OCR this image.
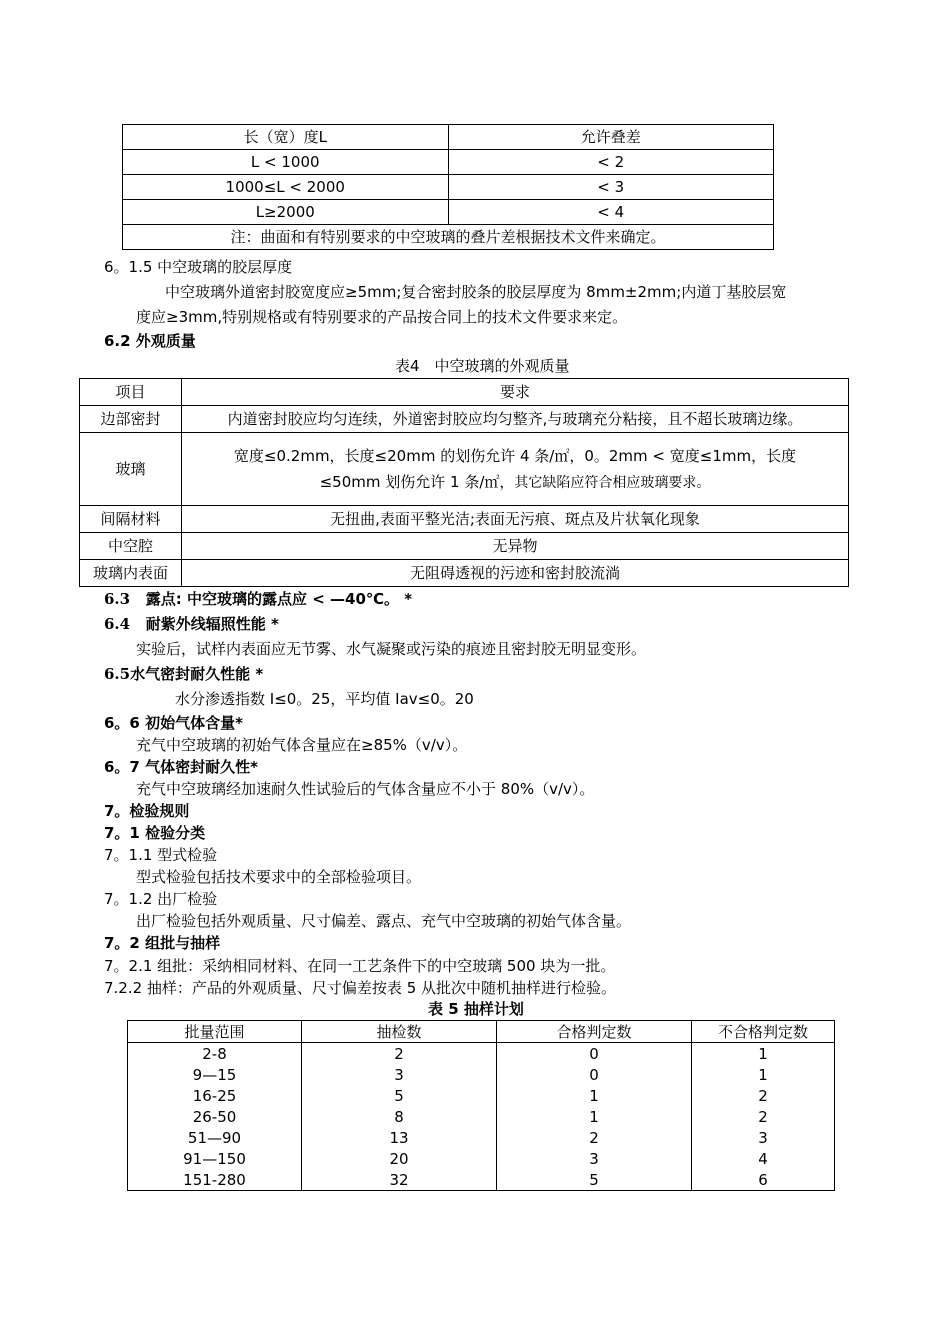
长（宽）度L	允许叠差
L < 1000	< 2
1000≤L < 2000	< 3
L≥2000	< 4
注：曲面和有特别要求的中空玻璃的叠片差根据技术文件来确定。	
6。1.5 中空玻璃的胶层厚度
中空玻璃外道密封胶宽度应≥5mm;复合密封胶条的胶层厚度为 8mm±2mm;内道丁基胶层宽
度应≥3mm,特别规格或有特别要求的产品按合同上的技术文件要求来定。
6.2 外观质量
表4　中空玻璃的外观质量
项目	要求
边部密封	内道密封胶应均匀连续，外道密封胶应均匀整齐,与玻璃充分粘接，且不超长玻璃边缘。
玻璃	宽度≤0.2mm，长度≤20mm 的划伤允许 4 条/㎡，0。2mm < 宽度≤1mm，长度
≤50mm 划伤允许 1 条/㎡，其它缺陷应符合相应玻璃要求。
间隔材料	无扭曲,表面平整光洁;表面无污痕、斑点及片状氧化现象
中空腔	无异物
玻璃内表面	无阻碍透视的污迹和密封胶流淌
6.3 露点: 中空玻璃的露点应 < —40℃。 *
6.4 耐紫外线辐照性能 *
实验后，试样内表面应无节雾、水气凝聚或污染的痕迹且密封胶无明显变形。
6.5水气密封耐久性能 *
水分渗透指数 I≤0。25，平均值 Iav≤0。20
6。6 初始气体含量*
充气中空玻璃的初始气体含量应在≥85%（v/v）。
6。7 气体密封耐久性*
充气中空玻璃经加速耐久性试验后的气体含量应不小于 80%（v/v）。
7。检验规则
7。1 检验分类
7。1.1 型式检验
型式检验包括技术要求中的全部检验项目。
7。1.2 出厂检验
出厂检验包括外观质量、尺寸偏差、露点、充气中空玻璃的初始气体含量。
7。2 组批与抽样
7。2.1 组批：采纳相同材料、在同一工艺条件下的中空玻璃 500 块为一批。
7.2.2 抽样：产品的外观质量、尺寸偏差按表 5 从批次中随机抽样进行检验。
表 5 抽样计划
批量范围	抽检数	合格判定数	不合格判定数
2-8	2	0	1
9—15	3	0	1
16-25	5	1	2
26-50	8	1	2
51—90	13	2	3
91—150	20	3	4
151-280	32	5	6
